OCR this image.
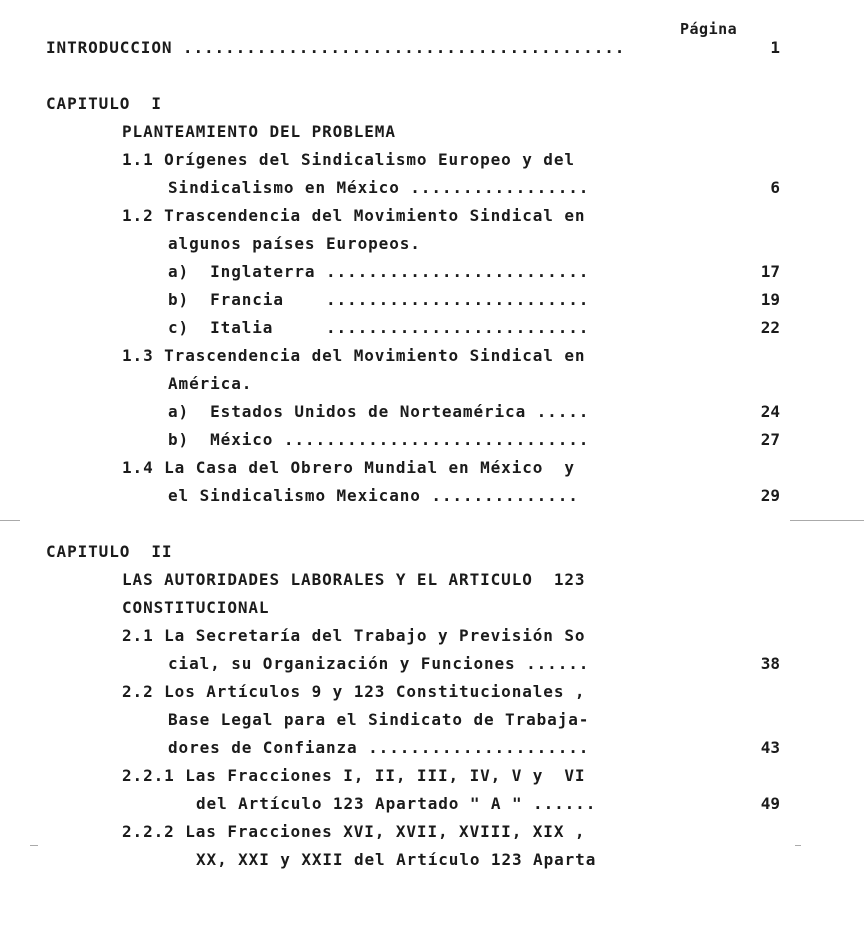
Página
INTRODUCCION ..........................................	1
CAPITULO  I
PLANTEAMIENTO DEL PROBLEMA
1.1 Orígenes del Sindicalismo Europeo y del
Sindicalismo en México .................	6
1.2 Trascendencia del Movimiento Sindical en
algunos países Europeos.
a)  Inglaterra .........................	17
b)  Francia    .........................	19
c)  Italia     .........................	22
1.3 Trascendencia del Movimiento Sindical en
América.
a)  Estados Unidos de Norteamérica .....	24
b)  México .............................	27
1.4 La Casa del Obrero Mundial en México  y
el Sindicalismo Mexicano ..............	29
CAPITULO  II
LAS AUTORIDADES LABORALES Y EL ARTICULO  123
CONSTITUCIONAL
2.1 La Secretaría del Trabajo y Previsión So
cial, su Organización y Funciones ......	38
2.2 Los Artículos 9 y 123 Constitucionales ,
Base Legal para el Sindicato de Trabaja-
dores de Confianza .....................	43
2.2.1 Las Fracciones I, II, III, IV, V y  VI
del Artículo 123 Apartado " A " ......	49
2.2.2 Las Fracciones XVI, XVII, XVIII, XIX ,
XX, XXI y XXII del Artículo 123 Aparta
